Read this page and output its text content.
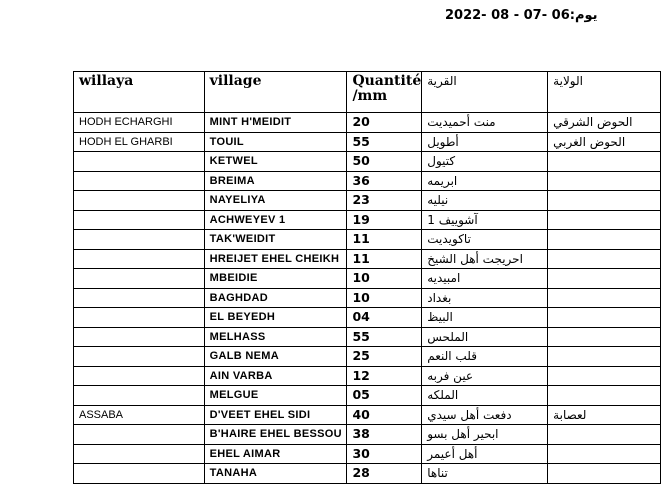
2022- 08 - 07- 06يوم:
willaya	village	Quantité /mm	القرية	الولاية
HODH ECHARGHI	MINT H'MEIDIT	20	منت أحميديت	الحوض الشرقي
HODH EL GHARBI	TOUIL	55	أطويل	الحوض الغربي
	KETWEL	50	كتيول	
	BREIMA	36	ابريمه	
	NAYELIYA	23	نيليه	
	ACHWEYEV 1	19	آشوييف 1	
	TAK'WEIDIT	11	تاكويديت	
	HREIJET EHEL CHEIKH	11	احريجت أهل الشيخ	
	MBEIDIE	10	امبيديه	
	BAGHDAD	10	بغداد	
	EL BEYEDH	04	البيظ	
	MELHASS	55	الملحس	
	GALB NEMA	25	قلب النعم	
	AIN VARBA	12	عين فربه	
	MELGUE	05	الملكه	
ASSABA	D'VEET EHEL SIDI	40	دفعت أهل سيدي	لعصابة
	B'HAIRE EHEL BESSOU	38	ابحير أهل بسو	
	EHEL AIMAR	30	أهل أعيمر	
	TANAHA	28	تناها	
